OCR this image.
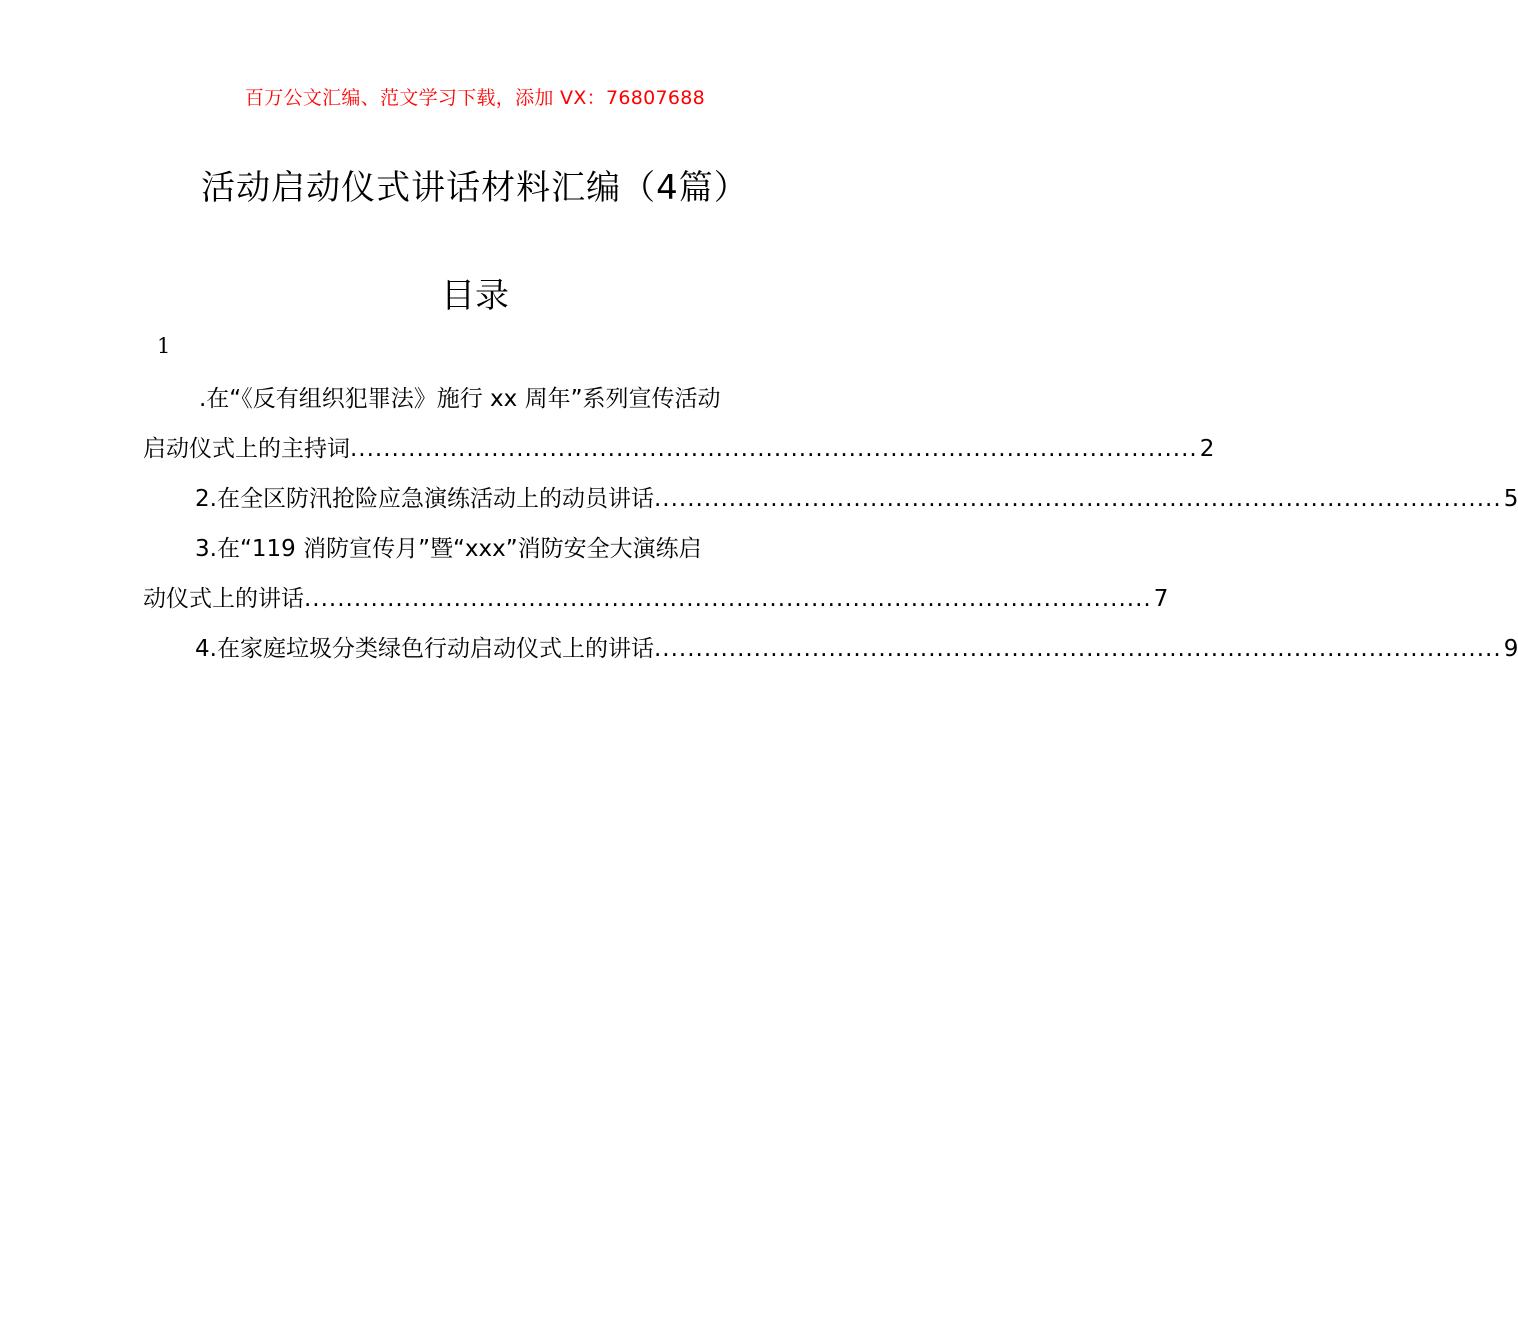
百万公文汇编、范文学习下载，添加 VX：76807688
活动启动仪式讲话材料汇编（4篇）
目录
1
.在“《反有组织犯罪法》施行 xx 周年”系列宣传活动
启动仪式上的主持词 ...................................................................................................... 2
2.在全区防汛抢险应急演练活动上的动员讲话 ...................................................................................................... 5
3.在“119 消防宣传月”暨“xxx”消防安全大演练启
动仪式上的讲话 ...................................................................................................... 7
4.在家庭垃圾分类绿色行动启动仪式上的讲话 ...................................................................................................... 9
